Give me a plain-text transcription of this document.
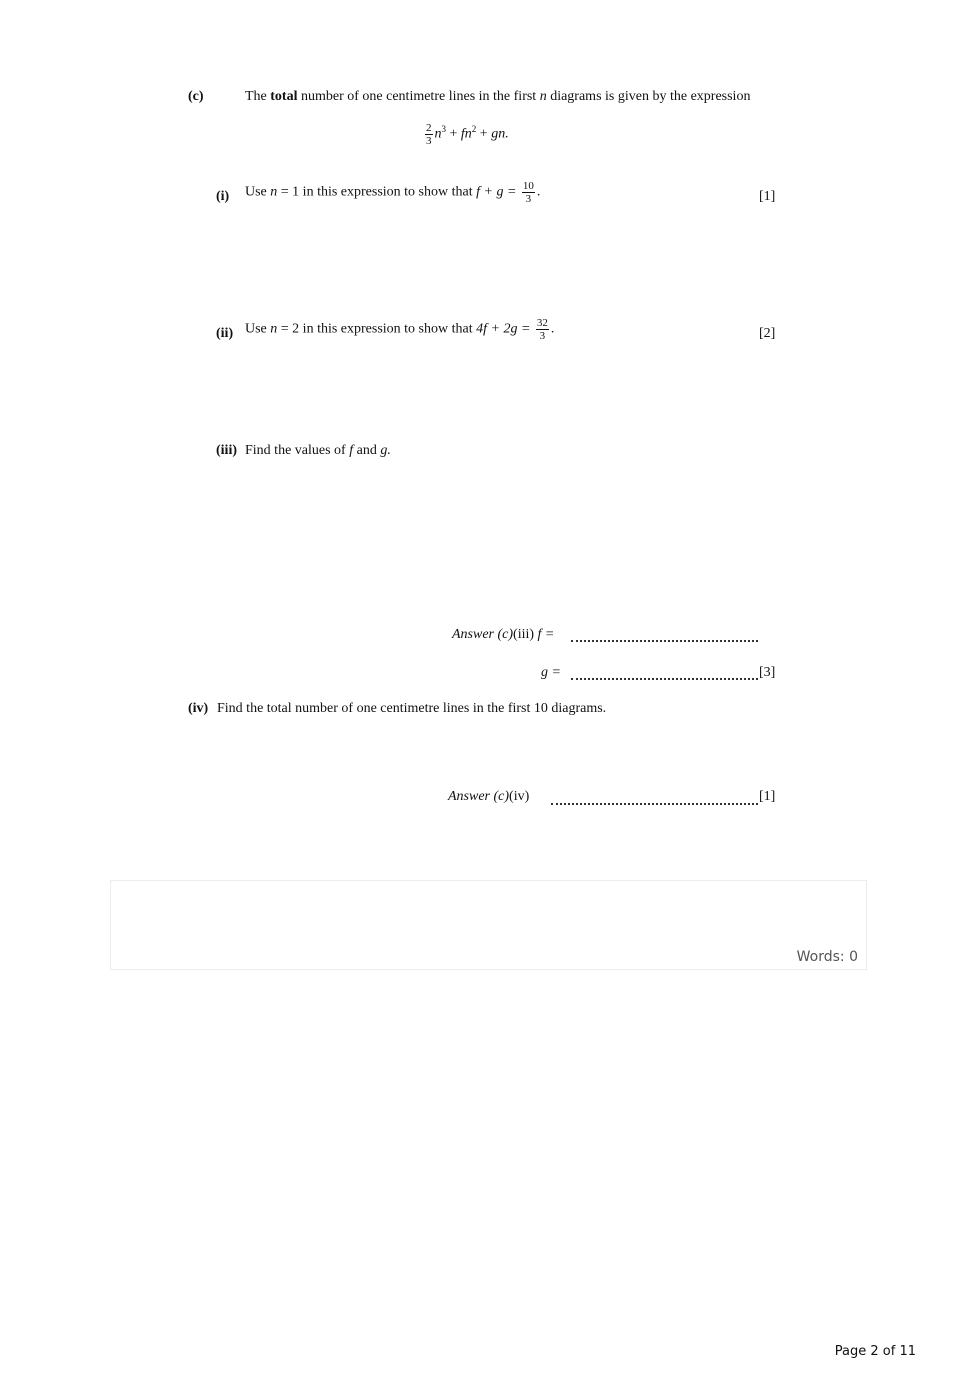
(c)	The total number of one centimetre lines in the first n diagrams is given by the expression
$\frac{2}{3} n^3 + fn^2$ + gn.
(i) Use n = 1 in this expression to show that $f + g = \frac{10}{3}$ .	[1]
(ii) Use n = 2 in this expression to show that $4f + 2g = \frac{32}{3}$ .	[2]
(iii) Find the values of f and g.
Answer (c)(iii) f =
g =	[3]
(iv) Find the total number of one centimetre lines in the first 10 diagrams.
Answer (c)(iv)	[1]
Words: 0
Page 2 of 11
